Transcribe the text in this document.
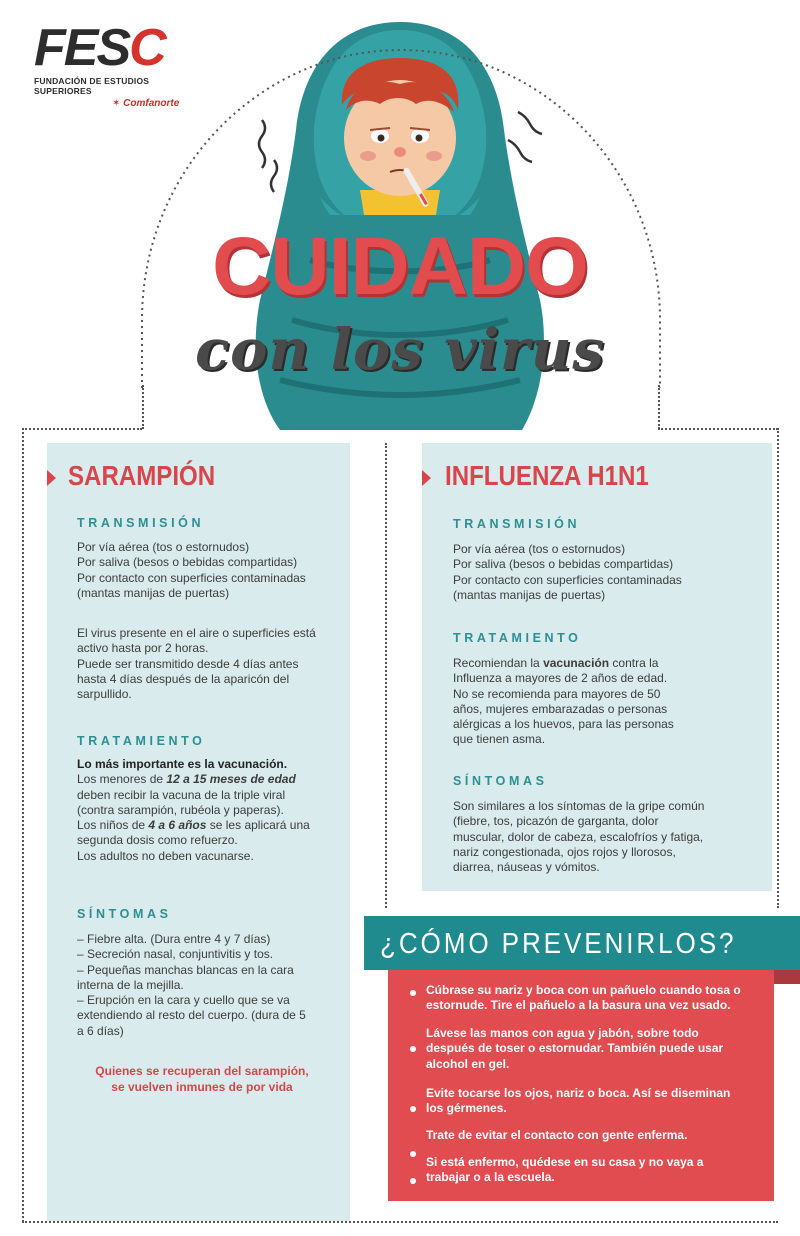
FESC
FUNDACIÓN DE ESTUDIOS SUPERIORES
✶ Comfanorte
CUIDADO
con los virus
SARAMPIÓN
TRANSMISIÓN

Por vía aérea (tos o estornudos)

Por saliva (besos o bebidas compartidas)

Por contacto con superficies contaminadas

(mantas manijas de puertas)

El virus presente en el aire o superficies está

activo hasta por 2 horas.

Puede ser transmitido desde 4 días antes

hasta 4 días después de la aparicón del

sarpullido.

TRATAMIENTO

Lo más importante es la vacunación.

Los menores de 12 a 15 meses de edad

deben recibir la vacuna de la triple viral

(contra sarampión, rubéola y paperas).

Los niños de 4 a 6 años se les aplicará una

segunda dosis como refuerzo.

Los adultos no deben vacunarse.

SÍNTOMAS

– Fiebre alta. (Dura entre 4 y 7 días)

– Secreción nasal, conjuntivitis y tos.

– Pequeñas manchas blancas en la cara

interna de la mejilla.

– Erupción en la cara y cuello que se va

extendiendo al resto del cuerpo. (dura de 5

a 6 días)

Quienes se recuperan del sarampión,
se vuelven inmunes de por vida
INFLUENZA H1N1
TRANSMISIÓN

Por vía aérea (tos o estornudos)

Por saliva (besos o bebidas compartidas)

Por contacto con superficies contaminadas

(mantas manijas de puertas)

TRATAMIENTO

Recomiendan la vacunación contra la

Influenza a mayores de 2 años de edad.

No se recomienda para mayores de 50

años, mujeres embarazadas o personas

alérgicas a los huevos, para las personas

que tienen asma.

SÍNTOMAS

Son similares a los síntomas de la gripe común

(fiebre, tos, picazón de garganta, dolor

muscular, dolor de cabeza, escalofríos y fatiga,

nariz congestionada, ojos rojos y llorosos,

diarrea, náuseas y vómitos.

¿CÓMO PREVENIRLOS?
Cúbrase su nariz y boca con un pañuelo cuando tosa o
estornude. Tire el pañuelo a la basura una vez usado.
Lávese las manos con agua y jabón, sobre todo
después de toser o estornudar. También puede usar
alcohol en gel.
Evite tocarse los ojos, nariz o boca. Así se diseminan
los gérmenes.
Trate de evitar el contacto con gente enferma.
Si está enfermo, quédese en su casa y no vaya a
trabajar o a la escuela.
